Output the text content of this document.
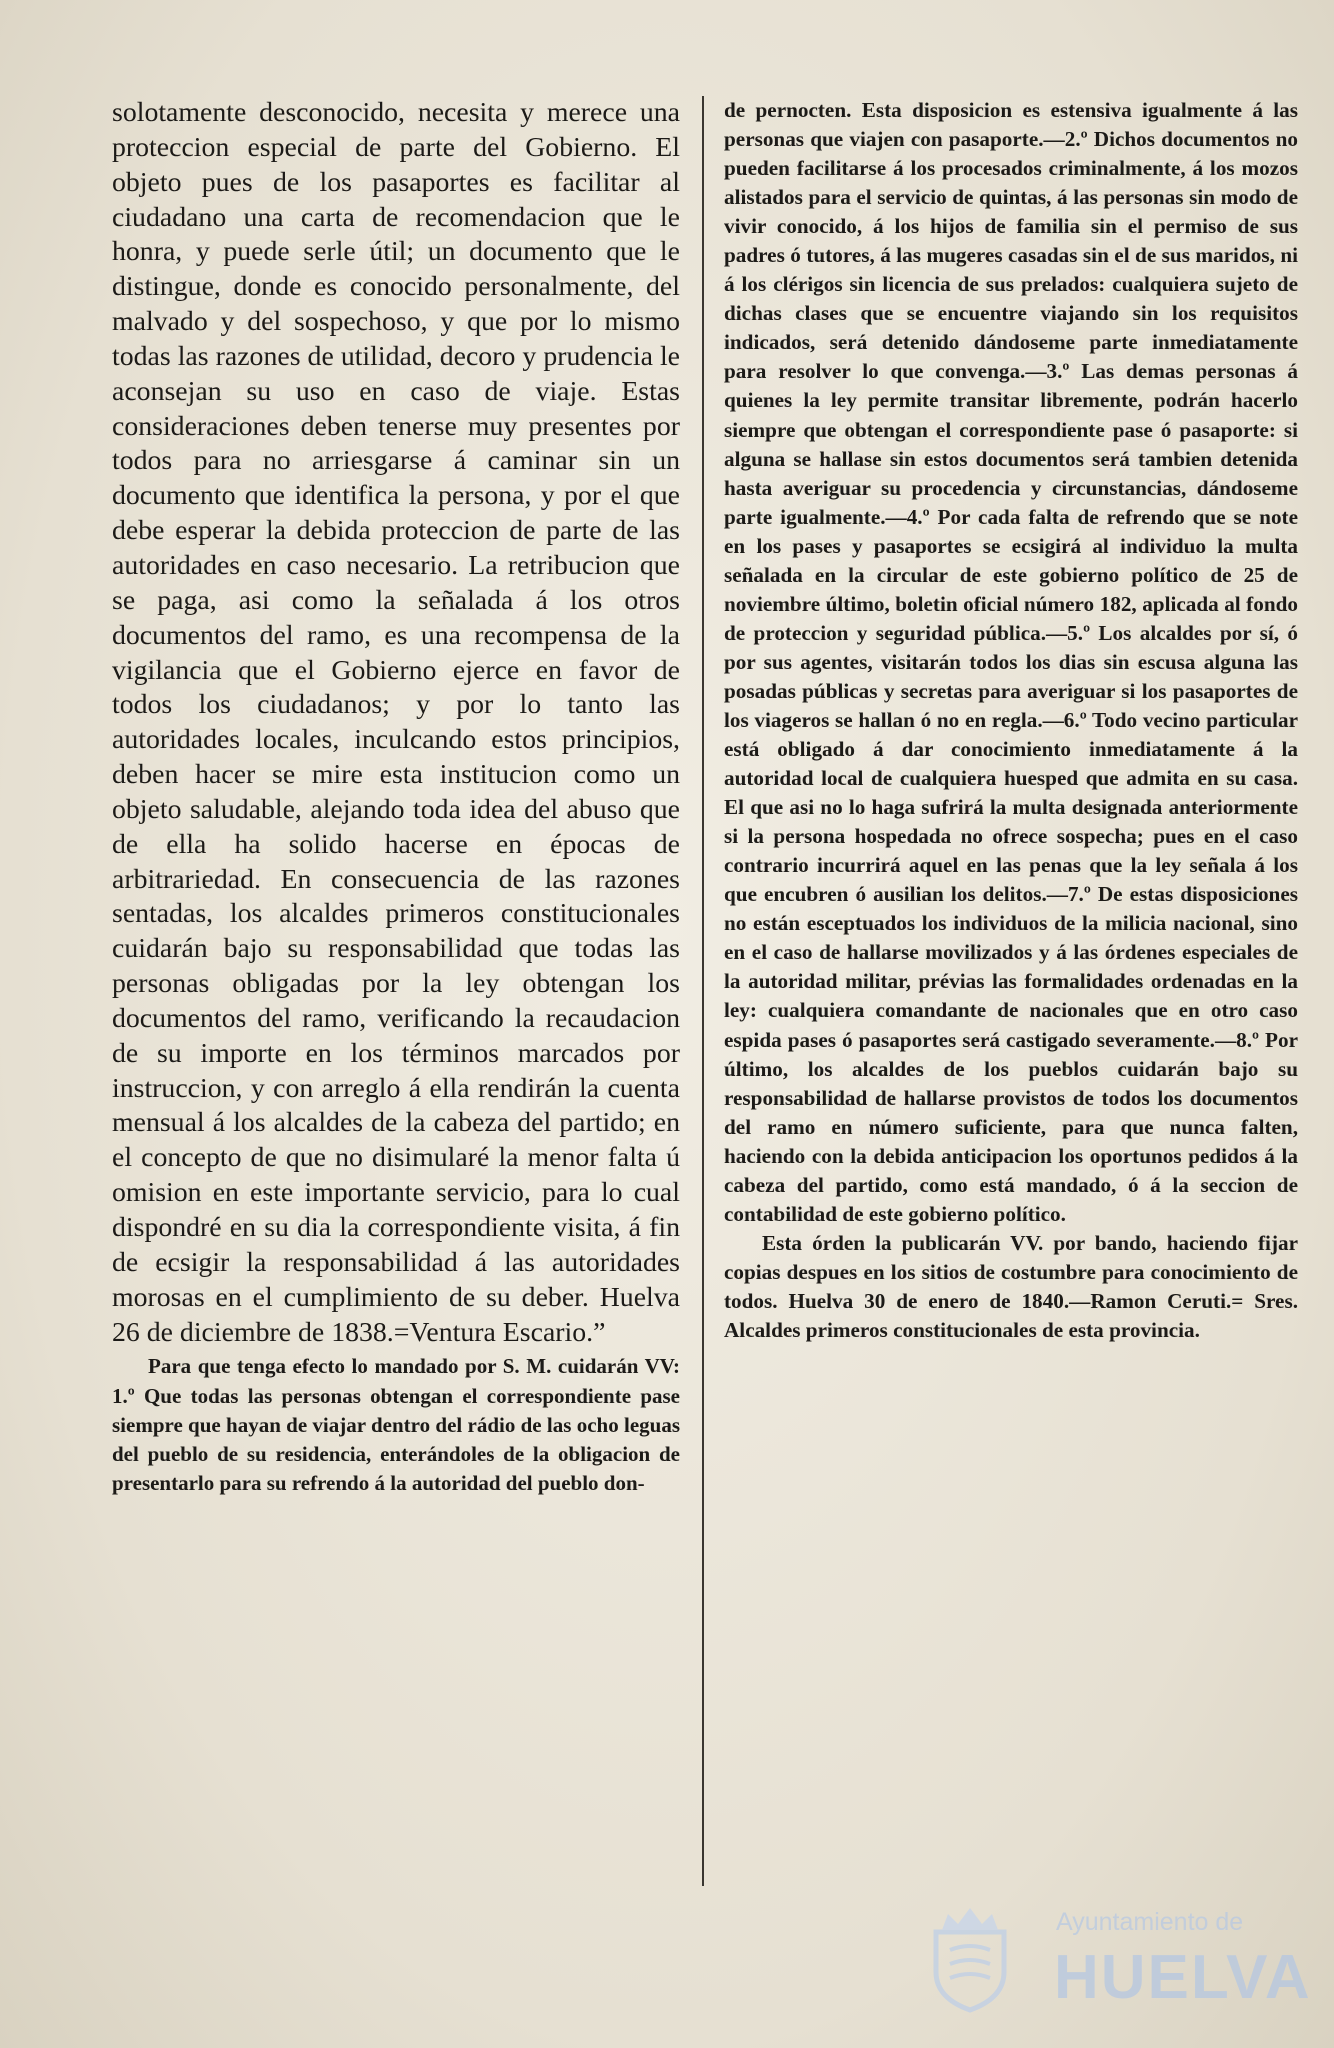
solotamente desconocido, necesita y merece una proteccion especial de parte del Gobierno. El objeto pues de los pasaportes es facilitar al ciudadano una carta de recomendacion que le honra, y puede serle útil; un documento que le distingue, donde es conocido personalmente, del malvado y del sospechoso, y que por lo mismo todas las razones de utilidad, decoro y prudencia le aconsejan su uso en caso de viaje. Estas consideraciones deben tenerse muy presentes por todos para no arriesgarse á caminar sin un documento que identifica la persona, y por el que debe esperar la debida proteccion de parte de las autoridades en caso necesario. La retribucion que se paga, asi como la señalada á los otros documentos del ramo, es una recompensa de la vigilancia que el Gobierno ejerce en favor de todos los ciudadanos; y por lo tanto las autoridades locales, inculcando estos principios, deben hacer se mire esta institucion como un objeto saludable, alejando toda idea del abuso que de ella ha solido hacerse en épocas de arbitrariedad. En consecuencia de las razones sentadas, los alcaldes primeros constitucionales cuidarán bajo su responsabilidad que todas las personas obligadas por la ley obtengan los documentos del ramo, verificando la recaudacion de su importe en los términos marcados por instruccion, y con arreglo á ella rendirán la cuenta mensual á los alcaldes de la cabeza del partido; en el concepto de que no disimularé la menor falta ú omision en este importante servicio, para lo cual dispondré en su dia la correspondiente visita, á fin de ecsigir la responsabilidad á las autoridades morosas en el cumplimiento de su deber. Huelva 26 de diciembre de 1838.=Ventura Escario.”

Para que tenga efecto lo mandado por S. M. cuidarán VV: 1.º Que todas las personas obtengan el correspondiente pase siempre que hayan de viajar dentro del rádio de las ocho leguas del pueblo de su residencia, enterándoles de la obligacion de presentarlo para su refrendo á la autoridad del pueblo don-

de pernocten. Esta disposicion es estensiva igualmente á las personas que viajen con pasaporte.—2.º Dichos documentos no pueden facilitarse á los procesados criminalmente, á los mozos alistados para el servicio de quintas, á las personas sin modo de vivir conocido, á los hijos de familia sin el permiso de sus padres ó tutores, á las mugeres casadas sin el de sus maridos, ni á los clérigos sin licencia de sus prelados: cualquiera sujeto de dichas clases que se encuentre viajando sin los requisitos indicados, será detenido dándoseme parte inmediatamente para resolver lo que convenga.—3.º Las demas personas á quienes la ley permite transitar libremente, podrán hacerlo siempre que obtengan el correspondiente pase ó pasaporte: si alguna se hallase sin estos documentos será tambien detenida hasta averiguar su procedencia y circunstancias, dándoseme parte igualmente.—4.º Por cada falta de refrendo que se note en los pases y pasaportes se ecsigirá al individuo la multa señalada en la circular de este gobierno político de 25 de noviembre último, boletin oficial número 182, aplicada al fondo de proteccion y seguridad pública.—5.º Los alcaldes por sí, ó por sus agentes, visitarán todos los dias sin escusa alguna las posadas públicas y secretas para averiguar si los pasaportes de los viageros se hallan ó no en regla.—6.º Todo vecino particular está obligado á dar conocimiento inmediatamente á la autoridad local de cualquiera huesped que admita en su casa. El que asi no lo haga sufrirá la multa designada anteriormente si la persona hospedada no ofrece sospecha; pues en el caso contrario incurrirá aquel en las penas que la ley señala á los que encubren ó ausilian los delitos.—7.º De estas disposiciones no están esceptuados los individuos de la milicia nacional, sino en el caso de hallarse movilizados y á las órdenes especiales de la autoridad militar, prévias las formalidades ordenadas en la ley: cualquiera comandante de nacionales que en otro caso espida pases ó pasaportes será castigado severamente.—8.º Por último, los alcaldes de los pueblos cuidarán bajo su responsabilidad de hallarse provistos de todos los documentos del ramo en número suficiente, para que nunca falten, haciendo con la debida anticipacion los oportunos pedidos á la cabeza del partido, como está mandado, ó á la seccion de contabilidad de este gobierno político.

Esta órden la publicarán VV. por bando, haciendo fijar copias despues en los sitios de costumbre para conocimiento de todos. Huelva 30 de enero de 1840.—Ramon Ceruti.= Sres. Alcaldes primeros constitucionales de esta provincia.

Ayuntamiento de
HUELVA
